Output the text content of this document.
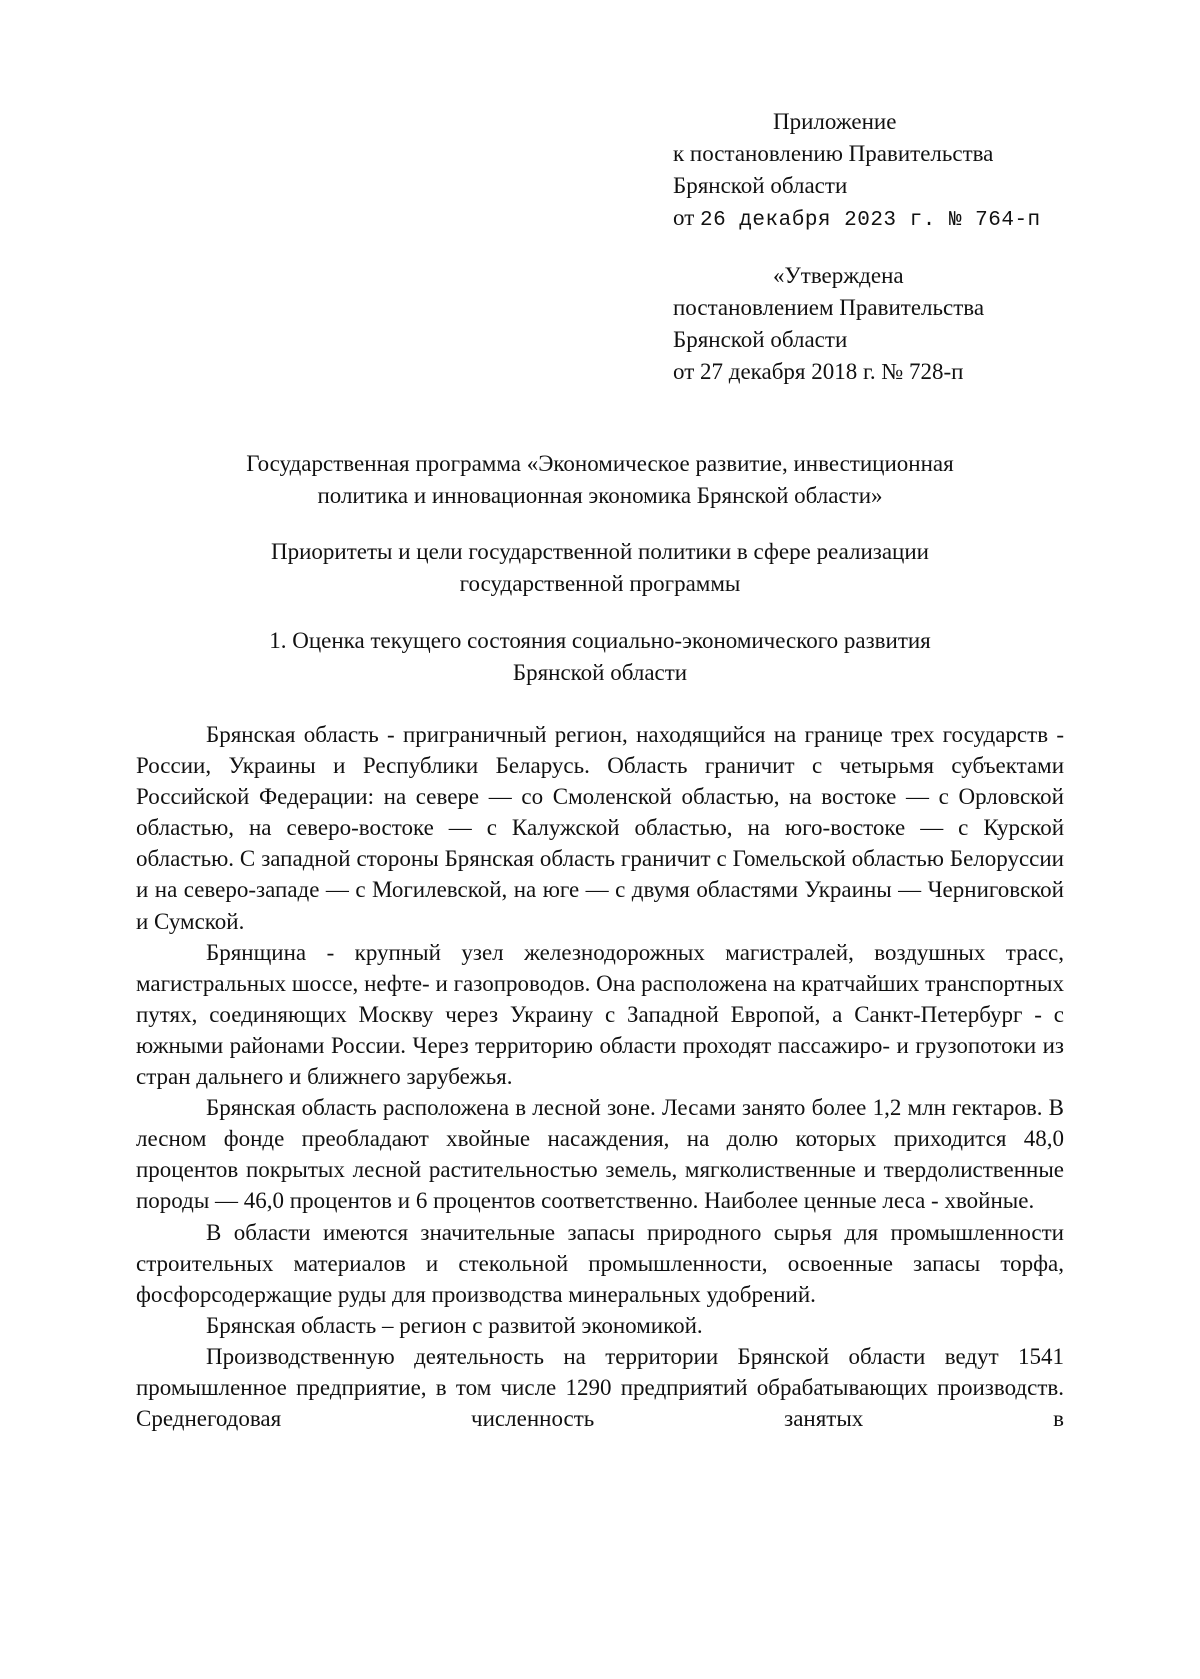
Приложение
к постановлению Правительства
Брянской области
от 26 декабря 2023 г. № 764-п
«Утверждена
постановлением Правительства
Брянской области
от 27 декабря 2018 г. № 728-п
Государственная программа «Экономическое развитие, инвестиционная
политика и инновационная экономика Брянской области»
Приоритеты и цели государственной политики в сфере реализации
государственной программы
1. Оценка текущего состояния социально-экономического развития
Брянской области

Брянская область - приграничный регион, находящийся на границе трех государств - России, Украины и Республики Беларусь. Область граничит с четырьмя субъектами Российской Федерации: на севере — со Смоленской областью, на востоке — с Орловской областью, на северо-востоке — с Калужской областью, на юго-востоке — с Курской областью. С западной стороны Брянская область граничит с Гомельской областью Белоруссии и на северо-западе — с Могилевской, на юге — с двумя областями Украины — Черниговской и Сумской.

Брянщина - крупный узел железнодорожных магистралей, воздушных трасс, магистральных шоссе, нефте- и газопроводов. Она расположена на кратчайших транспортных путях, соединяющих Москву через Украину с Западной Европой, а Санкт-Петербург - с южными районами России. Через территорию области проходят пассажиро- и грузопотоки из стран дальнего и ближнего зарубежья.

Брянская область расположена в лесной зоне. Лесами занято более 1,2 млн гектаров. В лесном фонде преобладают хвойные насаждения, на долю которых приходится 48,0 процентов покрытых лесной растительностью земель, мягколиственные и твердолиственные породы — 46,0 процентов и 6 процентов соответственно. Наиболее ценные леса - хвойные.

В области имеются значительные запасы природного сырья для промышленности строительных материалов и стекольной промышленности, освоенные запасы торфа, фосфорсодержащие руды для производства минеральных удобрений.

Брянская область – регион с развитой экономикой.

Производственную деятельность на территории Брянской области ведут 1541 промышленное предприятие, в том числе 1290 предприятий обрабатывающих производств. Среднегодовая численность занятых в
